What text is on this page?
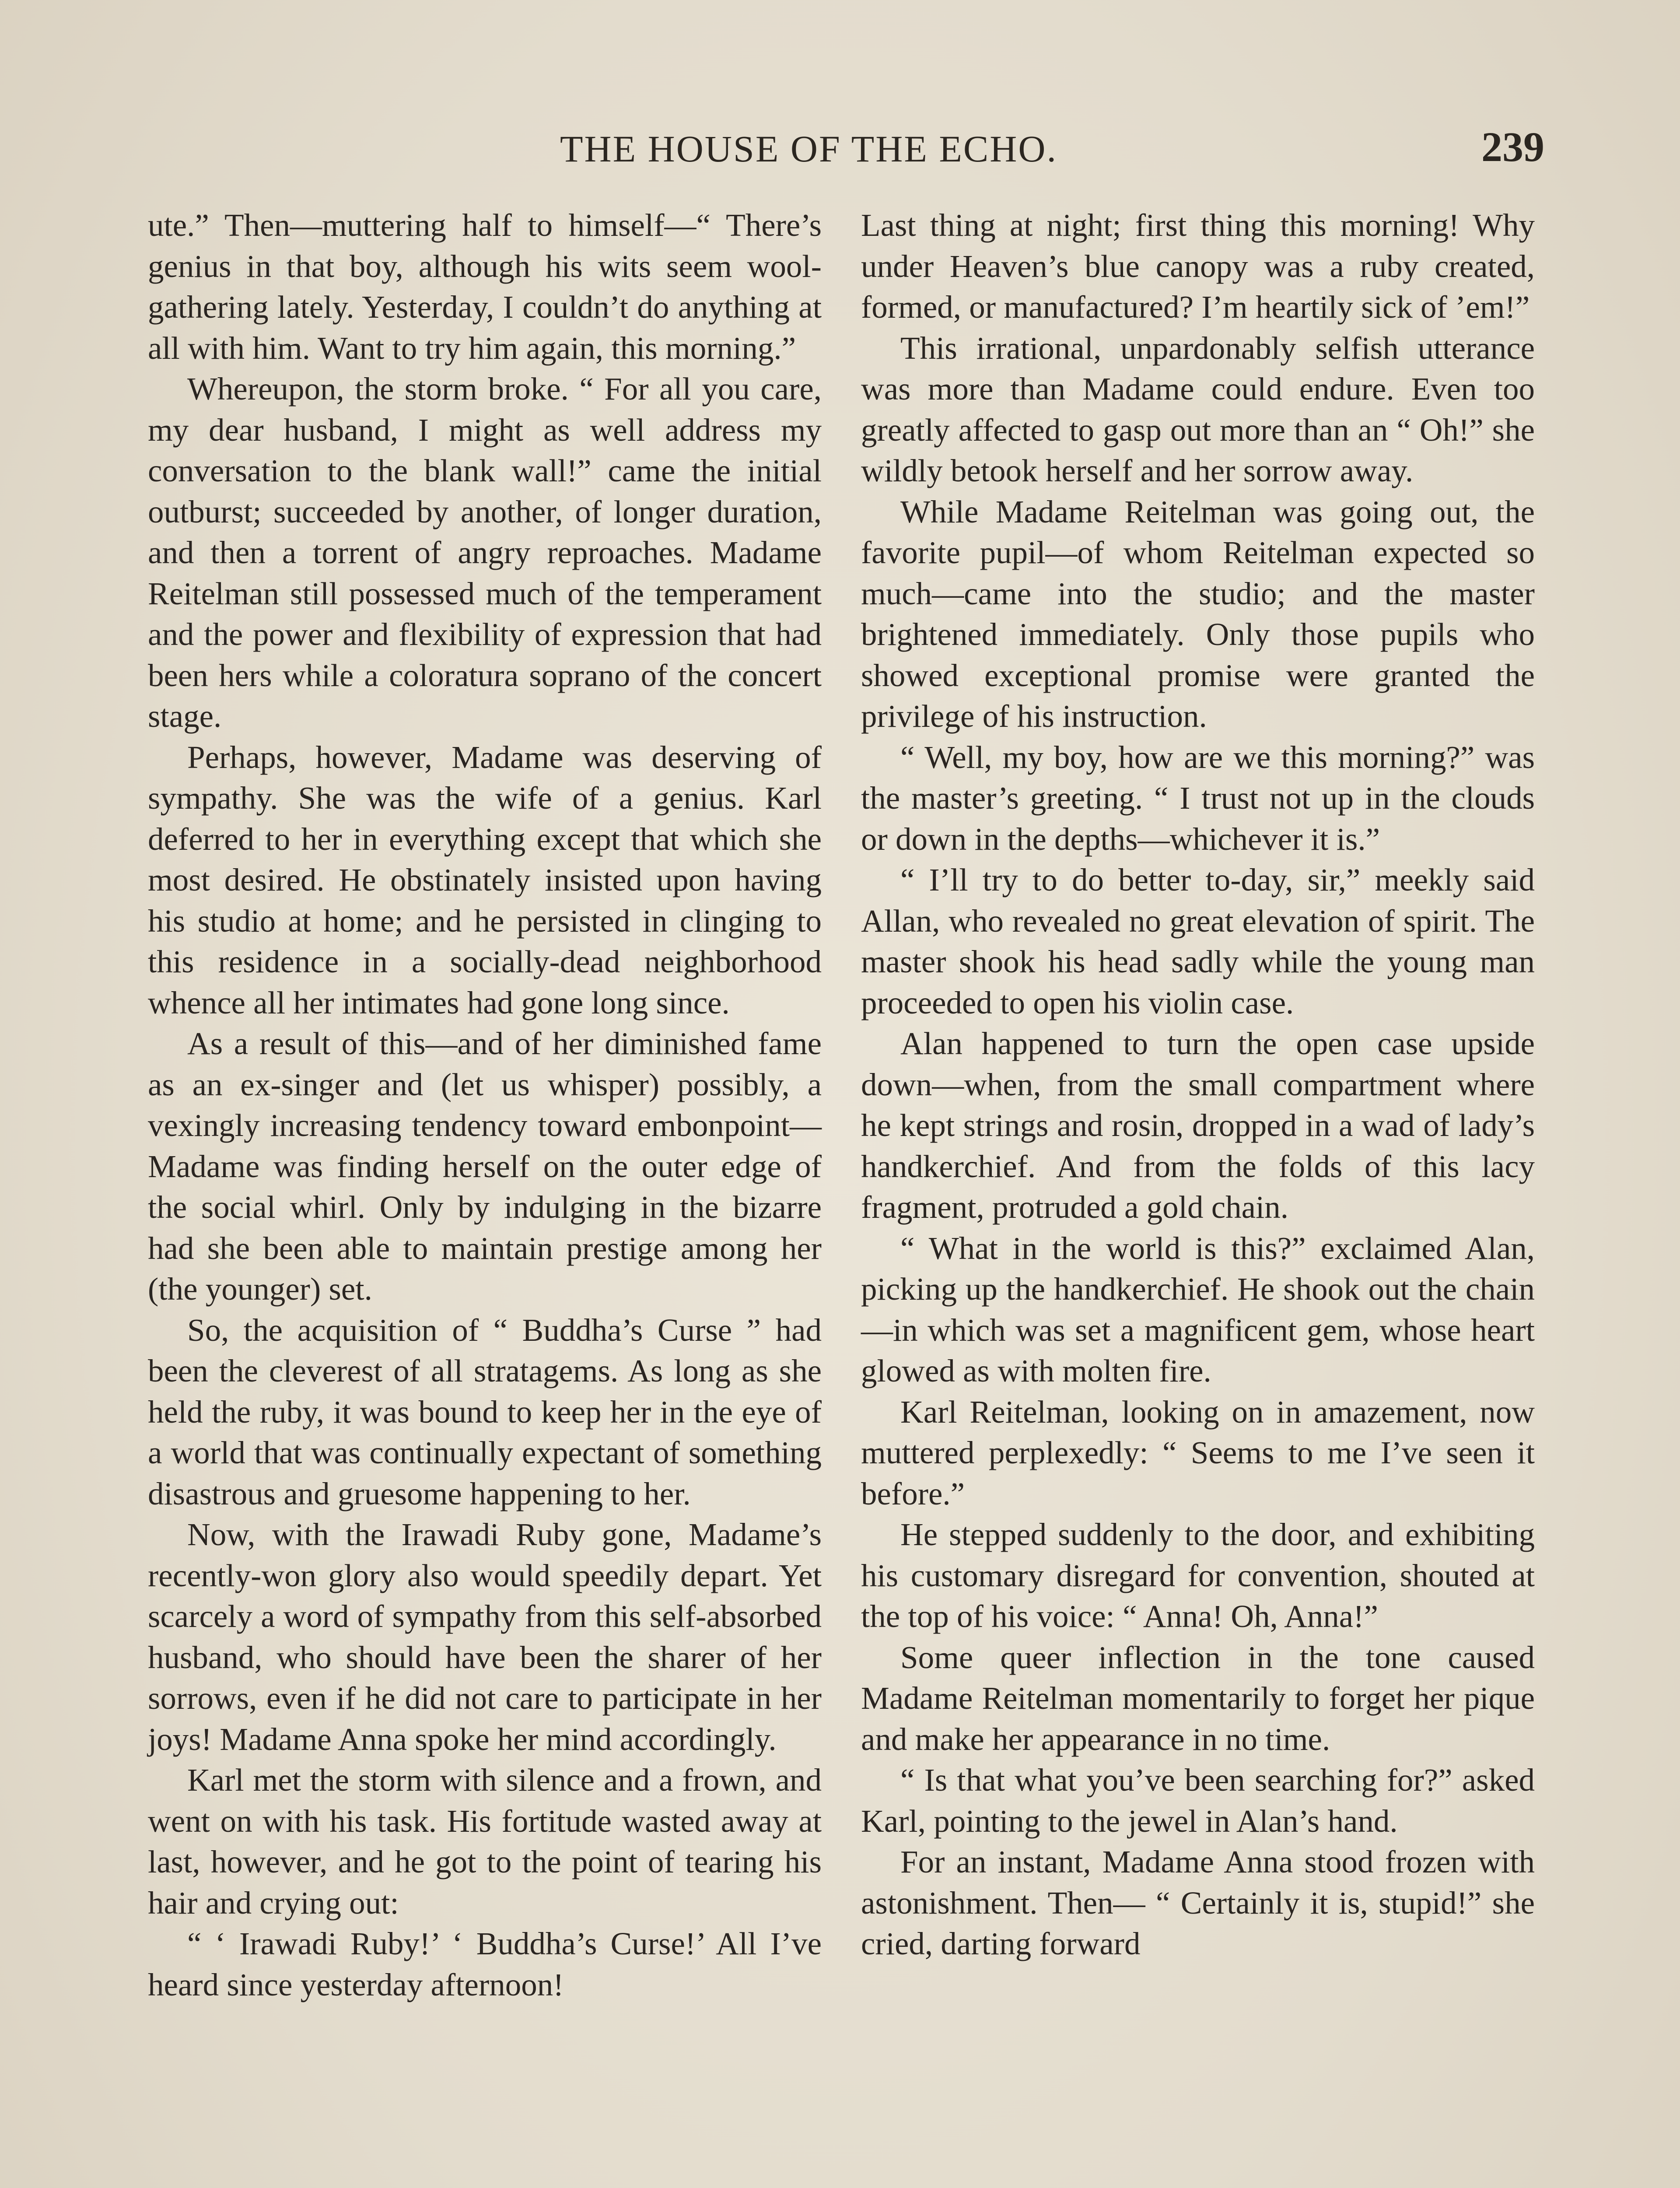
THE HOUSE OF THE ECHO.	239

ute.” Then—muttering half to himself—“ There’s genius in that boy, although his wits seem wool-gathering lately. Yesterday, I couldn’t do anything at all with him. Want to try him again, this morning.”

Whereupon, the storm broke. “ For all you care, my dear husband, I might as well address my conversation to the blank wall!” came the initial outburst; succeeded by another, of longer duration, and then a torrent of angry reproaches. Madame Reitelman still possessed much of the temperament and the power and flexibility of expression that had been hers while a coloratura soprano of the concert stage.

Perhaps, however, Madame was deserving of sympathy. She was the wife of a genius. Karl deferred to her in everything except that which she most desired. He obstinately insisted upon having his studio at home; and he persisted in clinging to this residence in a socially-dead neighborhood whence all her intimates had gone long since.

As a result of this—and of her diminished fame as an ex-singer and (let us whisper) possibly, a vexingly increasing tendency toward embonpoint—Madame was finding herself on the outer edge of the social whirl. Only by indulging in the bizarre had she been able to maintain prestige among her (the younger) set.

So, the acquisition of “ Buddha’s Curse ” had been the cleverest of all stratagems. As long as she held the ruby, it was bound to keep her in the eye of a world that was continually expectant of something disastrous and gruesome happening to her.

Now, with the Irawadi Ruby gone, Madame’s recently-won glory also would speedily depart. Yet scarcely a word of sympathy from this self-absorbed husband, who should have been the sharer of her sorrows, even if he did not care to participate in her joys! Madame Anna spoke her mind accordingly.

Karl met the storm with silence and a frown, and went on with his task. His fortitude wasted away at last, however, and he got to the point of tearing his hair and crying out:

“ ‘ Irawadi Ruby!’ ‘ Buddha’s Curse!’ All I’ve heard since yesterday afternoon!

Last thing at night; first thing this morning! Why under Heaven’s blue canopy was a ruby created, formed, or manufactured? I’m heartily sick of ’em!”

This irrational, unpardonably selfish utterance was more than Madame could endure. Even too greatly affected to gasp out more than an “ Oh!” she wildly betook herself and her sorrow away.

While Madame Reitelman was going out, the favorite pupil—of whom Reitelman expected so much—came into the studio; and the master brightened immediately. Only those pupils who showed exceptional promise were granted the privilege of his instruction.

“ Well, my boy, how are we this morning?” was the master’s greeting. “ I trust not up in the clouds or down in the depths—whichever it is.”

“ I’ll try to do better to-day, sir,” meekly said Allan, who revealed no great elevation of spirit. The master shook his head sadly while the young man proceeded to open his violin case.

Alan happened to turn the open case upside down—when, from the small compartment where he kept strings and rosin, dropped in a wad of lady’s handkerchief. And from the folds of this lacy fragment, protruded a gold chain.

“ What in the world is this?” exclaimed Alan, picking up the handkerchief. He shook out the chain—in which was set a magnificent gem, whose heart glowed as with molten fire.

Karl Reitelman, looking on in amazement, now muttered perplexedly: “ Seems to me I’ve seen it before.”

He stepped suddenly to the door, and exhibiting his customary disregard for convention, shouted at the top of his voice: “ Anna! Oh, Anna!”

Some queer inflection in the tone caused Madame Reitelman momentarily to forget her pique and make her appearance in no time.

“ Is that what you’ve been searching for?” asked Karl, pointing to the jewel in Alan’s hand.

For an instant, Madame Anna stood frozen with astonishment. Then— “ Certainly it is, stupid!” she cried, darting forward
